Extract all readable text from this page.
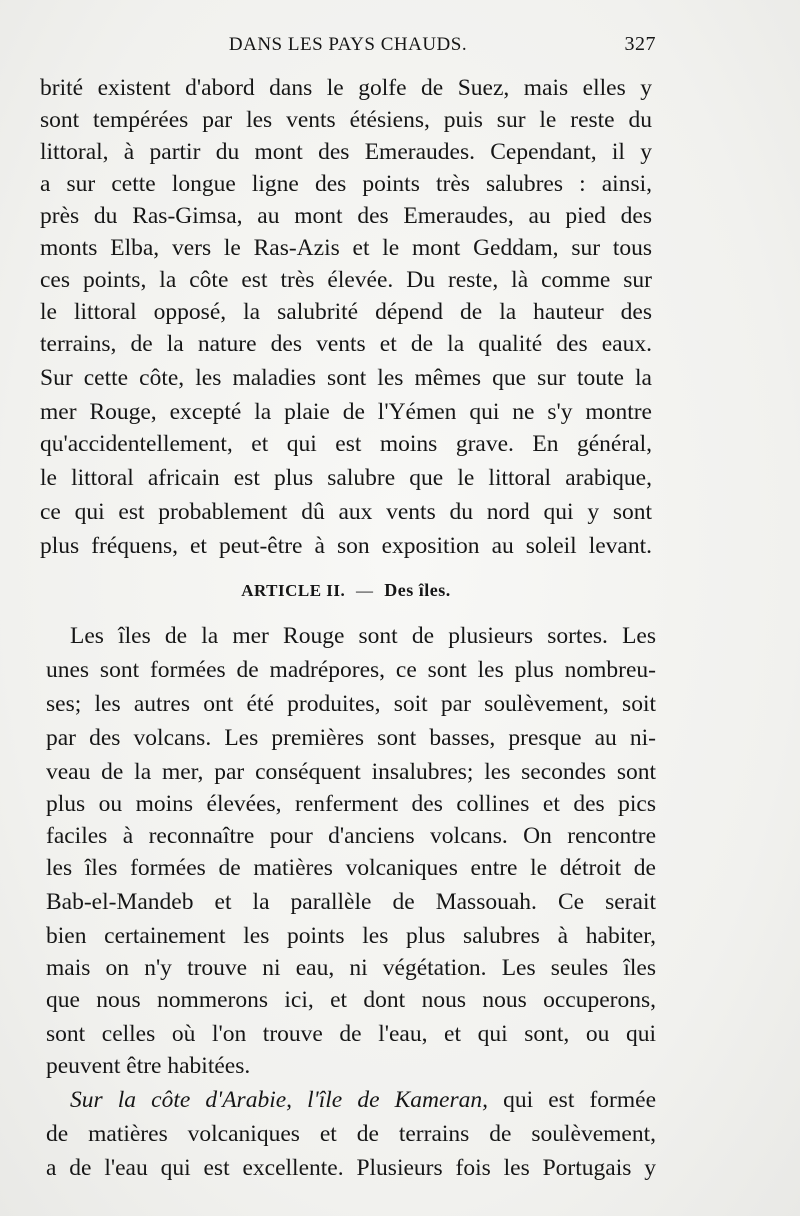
DANS LES PAYS CHAUDS.	327
brité existent d'abord dans le golfe de Suez, mais elles y
sont tempérées par les vents étésiens, puis sur le reste du
littoral, à partir du mont des Emeraudes. Cependant, il y
a sur cette longue ligne des points très salubres : ainsi,
près du Ras-Gimsa, au mont des Emeraudes, au pied des
monts Elba, vers le Ras-Azis et le mont Geddam, sur tous
ces points, la côte est très élevée. Du reste, là comme sur
le littoral opposé, la salubrité dépend de la hauteur des
terrains, de la nature des vents et de la qualité des eaux.
Sur cette côte, les maladies sont les mêmes que sur toute la
mer Rouge, excepté la plaie de l'Yémen qui ne s'y montre
qu'accidentellement, et qui est moins grave. En général,
le littoral africain est plus salubre que le littoral arabique,
ce qui est probablement dû aux vents du nord qui y sont
plus fréquens, et peut-être à son exposition au soleil levant.
ARTICLE II. — Des îles.
Les îles de la mer Rouge sont de plusieurs sortes. Les
unes sont formées de madrépores, ce sont les plus nombreu-
ses; les autres ont été produites, soit par soulèvement, soit
par des volcans. Les premières sont basses, presque au ni-
veau de la mer, par conséquent insalubres; les secondes sont
plus ou moins élevées, renferment des collines et des pics
faciles à reconnaître pour d'anciens volcans. On rencontre
les îles formées de matières volcaniques entre le détroit de
Bab-el-Mandeb et la parallèle de Massouah. Ce serait
bien certainement les points les plus salubres à habiter,
mais on n'y trouve ni eau, ni végétation. Les seules îles
que nous nommerons ici, et dont nous nous occuperons,
sont celles où l'on trouve de l'eau, et qui sont, ou qui
peuvent être habitées.
Sur la côte d'Arabie, l'île de Kameran, qui est formée
de matières volcaniques et de terrains de soulèvement,
a de l'eau qui est excellente. Plusieurs fois les Portugais y
